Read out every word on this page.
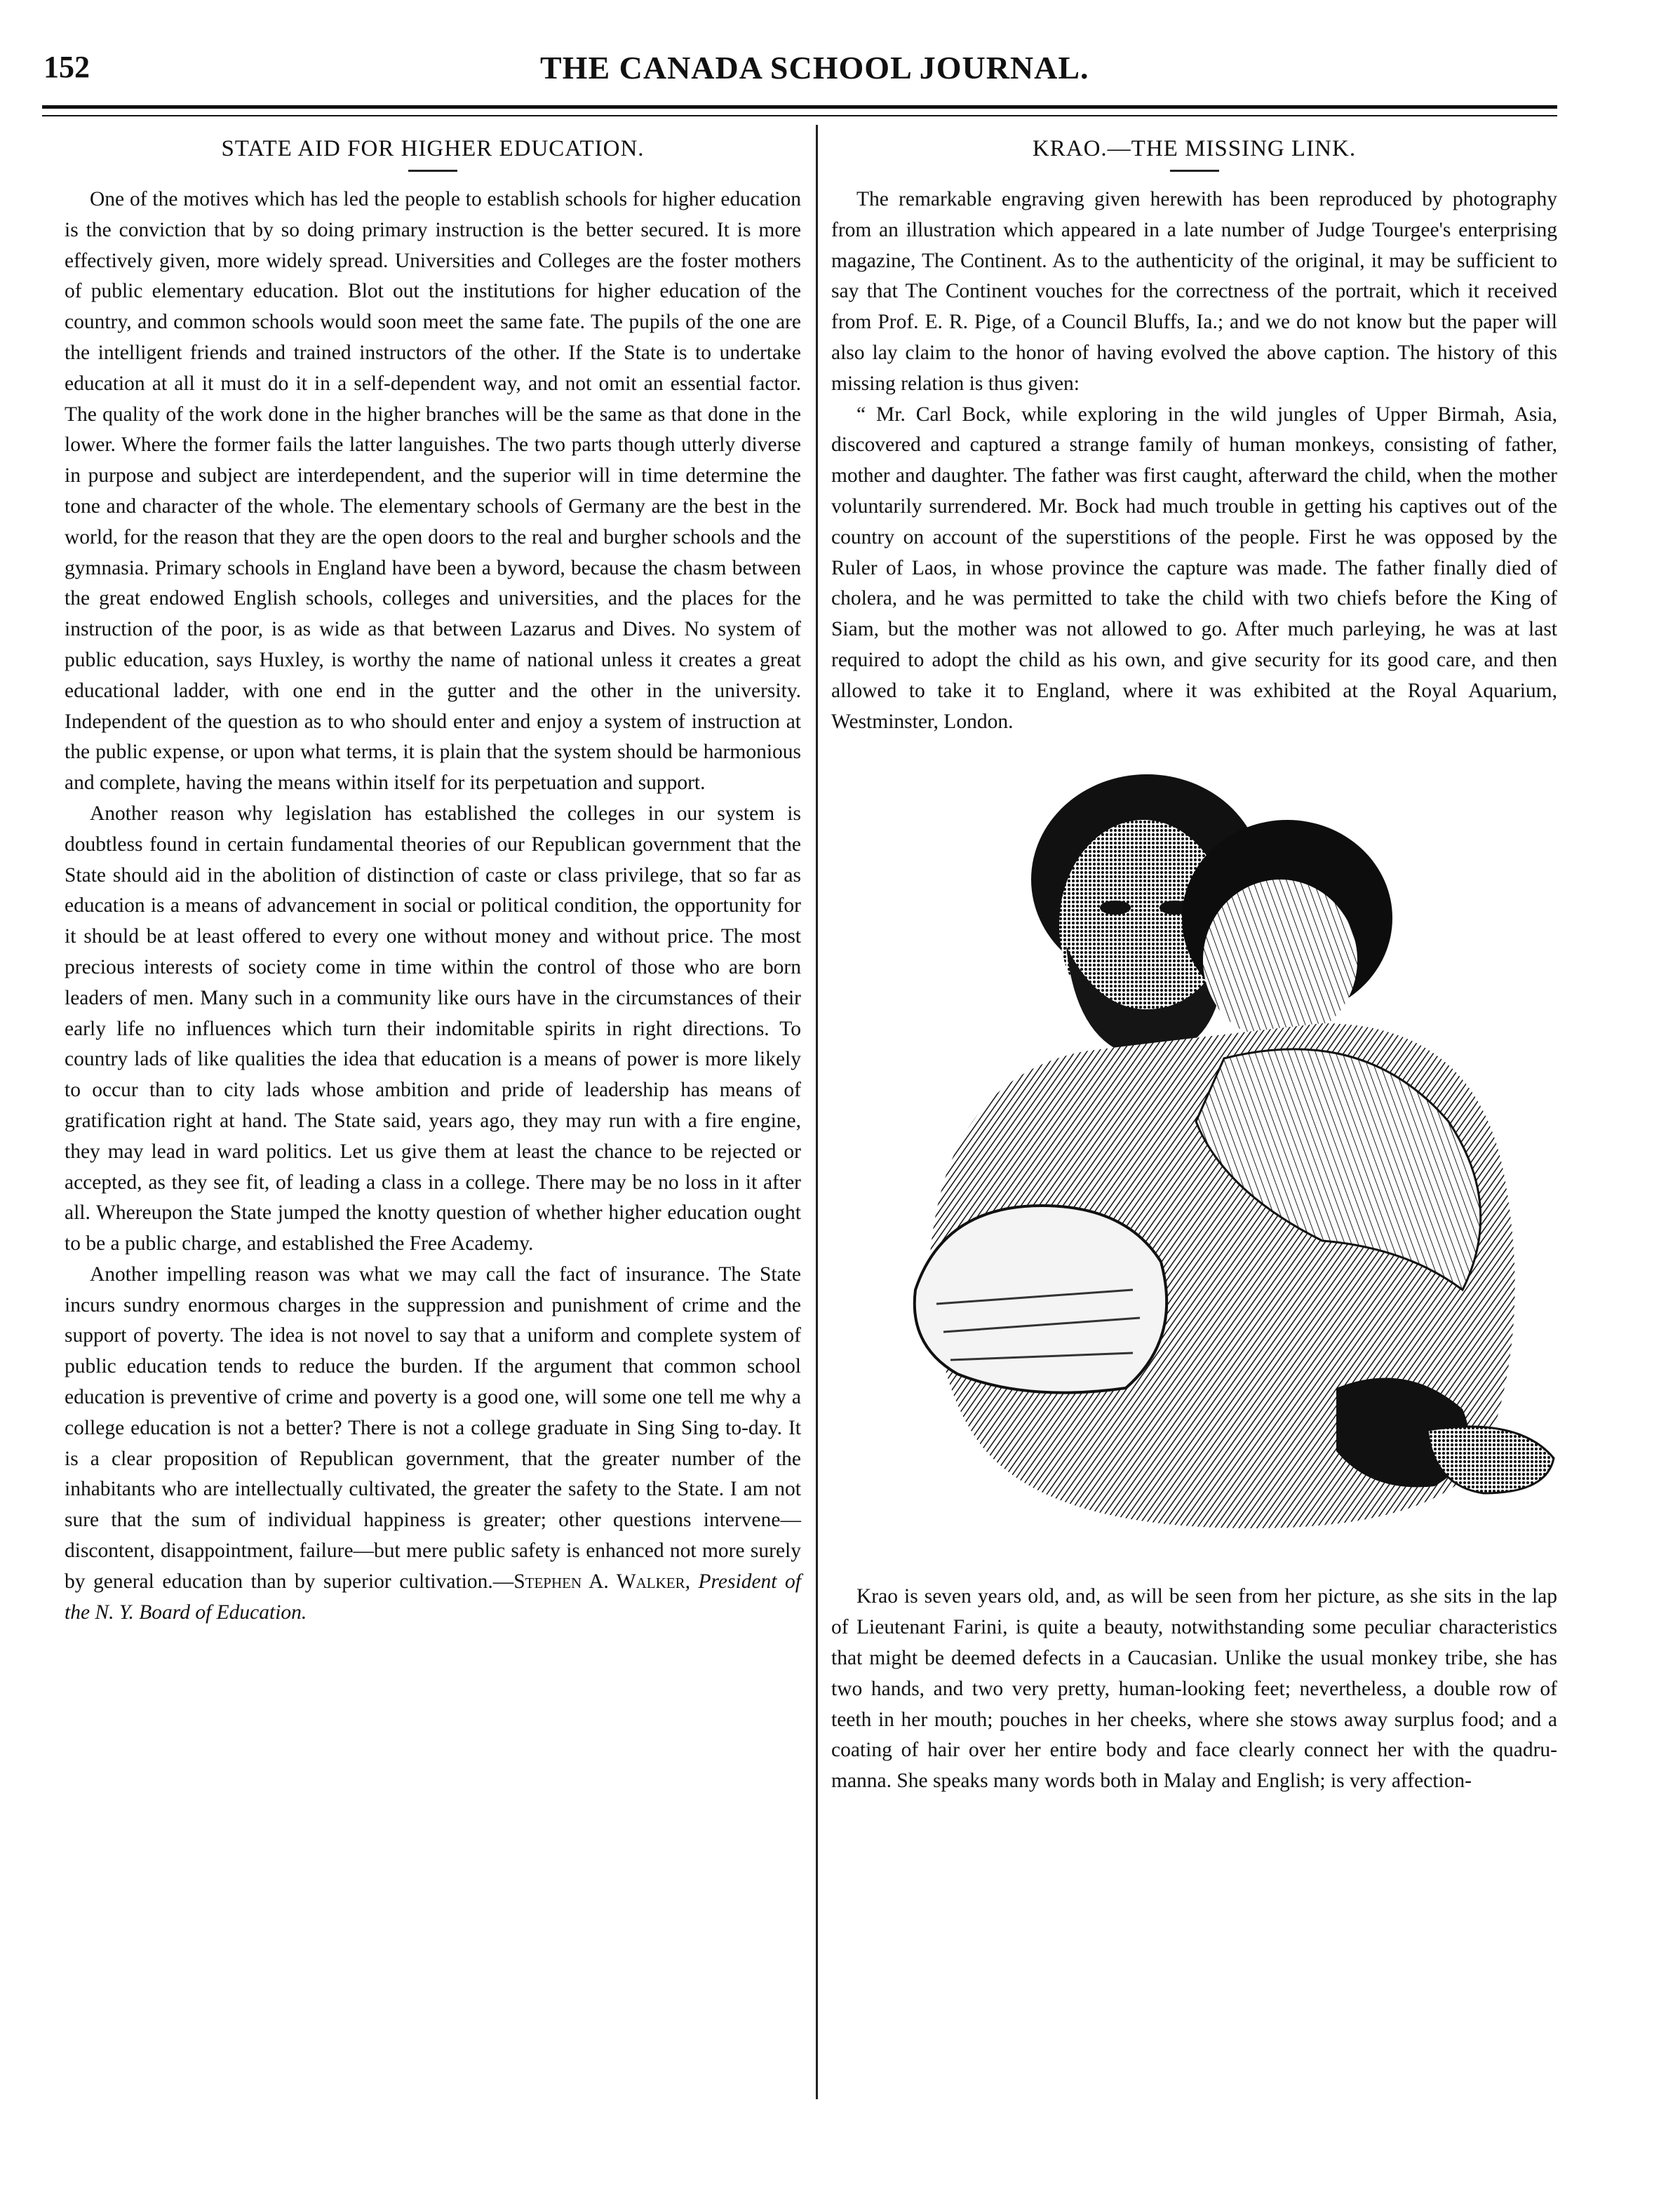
152	THE CANADA SCHOOL JOURNAL.
STATE AID FOR HIGHER EDUCATION.

One of the motives which has led the people to establish schools for higher education is the conviction that by so doing primary instruction is the better secured. It is more effectively given, more widely spread. Universities and Colleges are the foster mothers of public elementary education. Blot out the institutions for higher education of the country, and common schools would soon meet the same fate. The pupils of the one are the intelligent friends and trained instructors of the other. If the State is to undertake education at all it must do it in a self-dependent way, and not omit an essential factor. The quality of the work done in the higher branches will be the same as that done in the lower. Where the former fails the latter languishes. The two parts though utterly diverse in purpose and subject are interdependent, and the superior will in time determine the tone and character of the whole. The elementary schools of Germany are the best in the world, for the reason that they are the open doors to the real and burgher schools and the gymnasia. Primary schools in England have been a byword, because the chasm between the great endowed English schools, colleges and universities, and the places for the instruction of the poor, is as wide as that between Lazarus and Dives. No system of public education, says Huxley, is worthy the name of national unless it creates a great educational ladder, with one end in the gutter and the other in the university. Independent of the question as to who should enter and enjoy a system of instruction at the public expense, or upon what terms, it is plain that the system should be harmonious and complete, having the means within itself for its perpetuation and support.

Another reason why legislation has established the colleges in our system is doubtless found in certain fundamental theories of our Republican government that the State should aid in the abolition of distinction of caste or class privilege, that so far as education is a means of advancement in social or political condition, the opportunity for it should be at least offered to every one without money and without price. The most precious interests of society come in time within the control of those who are born leaders of men. Many such in a community like ours have in the circumstances of their early life no influences which turn their indomitable spirits in right directions. To country lads of like qualities the idea that education is a means of power is more likely to occur than to city lads whose ambition and pride of leadership has means of gratification right at hand. The State said, years ago, they may run with a fire engine, they may lead in ward politics. Let us give them at least the chance to be rejected or accepted, as they see fit, of leading a class in a college. There may be no loss in it after all. Whereupon the State jumped the knotty question of whether higher education ought to be a public charge, and established the Free Academy.

Another impelling reason was what we may call the fact of insurance. The State incurs sundry enormous charges in the suppression and punishment of crime and the support of poverty. The idea is not novel to say that a uniform and complete system of public education tends to reduce the burden. If the argument that common school education is preventive of crime and poverty is a good one, will some one tell me why a college education is not a better? There is not a college graduate in Sing Sing to-day. It is a clear proposition of Republican government, that the greater number of the inhabitants who are intellectually cultivated, the greater the safety to the State. I am not sure that the sum of individual happiness is greater; other questions intervene—discontent, disappointment, failure—but mere public safety is enhanced not more surely by general education than by superior cultivation.—Stephen A. Walker, President of the N. Y. Board of Education.

KRAO.—THE MISSING LINK.

The remarkable engraving given herewith has been reproduced by photography from an illustration which appeared in a late number of Judge Tourgee's enterprising magazine, The Continent. As to the authenticity of the original, it may be sufficient to say that The Continent vouches for the correctness of the portrait, which it received from Prof. E. R. Pige, of a Council Bluffs, Ia.; and we do not know but the paper will also lay claim to the honor of having evolved the above caption. The history of this missing relation is thus given:

“ Mr. Carl Bock, while exploring in the wild jungles of Upper Birmah, Asia, discovered and captured a strange family of human monkeys, consisting of father, mother and daughter. The father was first caught, afterward the child, when the mother voluntarily surrendered. Mr. Bock had much trouble in getting his captives out of the country on account of the superstitions of the people. First he was opposed by the Ruler of Laos, in whose province the capture was made. The father finally died of cholera, and he was permitted to take the child with two chiefs before the King of Siam, but the mother was not allowed to go. After much parleying, he was at last required to adopt the child as his own, and give security for its good care, and then allowed to take it to England, where it was exhibited at the Royal Aquarium, Westminster, London.

Krao is seven years old, and, as will be seen from her picture, as she sits in the lap of Lieutenant Farini, is quite a beauty, notwithstanding some peculiar characteristics that might be deemed defects in a Caucasian. Unlike the usual monkey tribe, she has two hands, and two very pretty, human-looking feet; nevertheless, a double row of teeth in her mouth; pouches in her cheeks, where she stows away surplus food; and a coating of hair over her entire body and face clearly connect her with the quadru-manna. She speaks many words both in Malay and English; is very affection-
